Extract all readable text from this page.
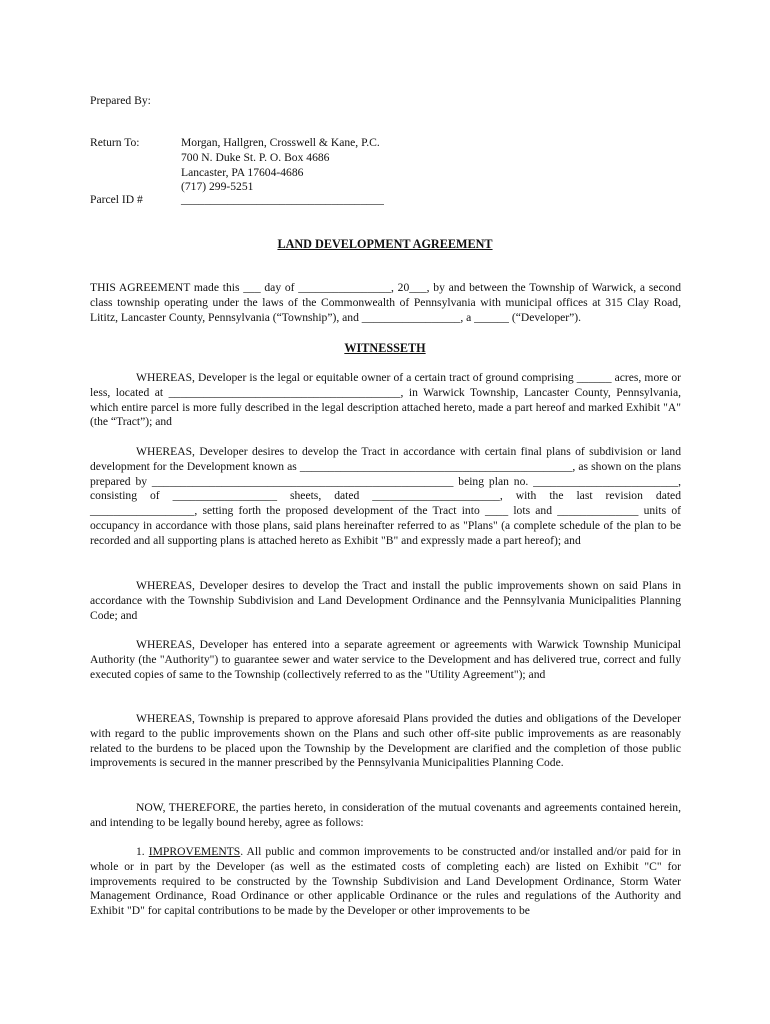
Prepared By:
Return To:	Morgan, Hallgren, Crosswell & Kane, P.C.
700 N. Duke St. P. O. Box 4686
Lancaster, PA 17604-4686
(717) 299-5251
Parcel ID #	___________________________________
LAND DEVELOPMENT AGREEMENT

THIS AGREEMENT made this ___ day of ________________, 20___, by and between the Township of Warwick, a second class township operating under the laws of the Commonwealth of Pennsylvania with municipal offices at 315 Clay Road, Lititz, Lancaster County, Pennsylvania (“Township”), and _________________, a ______ (“Developer”).

WITNESSETH

WHEREAS, Developer is the legal or equitable owner of a certain tract of ground comprising ______ acres, more or less, located at ________________________________________, in Warwick Township, Lancaster County, Pennsylvania, which entire parcel is more fully described in the legal description attached hereto, made a part hereof and marked Exhibit "A" (the “Tract”); and

WHEREAS, Developer desires to develop the Tract in accordance with certain final plans of subdivision or land development for the Development known as _______________________________________________, as shown on the plans prepared by ____________________________________________________ being plan no. _________________________, consisting of __________________ sheets, dated ______________________, with the last revision dated __________________, setting forth the proposed development of the Tract into ____ lots and ______________ units of occupancy in accordance with those plans, said plans hereinafter referred to as "Plans" (a complete schedule of the plan to be recorded and all supporting plans is attached hereto as Exhibit "B" and expressly made a part hereof); and

WHEREAS, Developer desires to develop the Tract and install the public improvements shown on said Plans in accordance with the Township Subdivision and Land Development Ordinance and the Pennsylvania Municipalities Planning Code; and

WHEREAS, Developer has entered into a separate agreement or agreements with Warwick Township Municipal Authority (the "Authority") to guarantee sewer and water service to the Development and has delivered true, correct and fully executed copies of same to the Township (collectively referred to as the "Utility Agreement"); and

WHEREAS, Township is prepared to approve aforesaid Plans provided the duties and obligations of the Developer with regard to the public improvements shown on the Plans and such other off-site public improvements as are reasonably related to the burdens to be placed upon the Township by the Development are clarified and the completion of those public improvements is secured in the manner prescribed by the Pennsylvania Municipalities Planning Code.

NOW, THEREFORE, the parties hereto, in consideration of the mutual covenants and agreements contained herein, and intending to be legally bound hereby, agree as follows:

1. IMPROVEMENTS. All public and common improvements to be constructed and/or installed and/or paid for in whole or in part by the Developer (as well as the estimated costs of completing each) are listed on Exhibit "C" for improvements required to be constructed by the Township Subdivision and Land Development Ordinance, Storm Water Management Ordinance, Road Ordinance or other applicable Ordinance or the rules and regulations of the Authority and Exhibit "D" for capital contributions to be made by the Developer or other improvements to be
